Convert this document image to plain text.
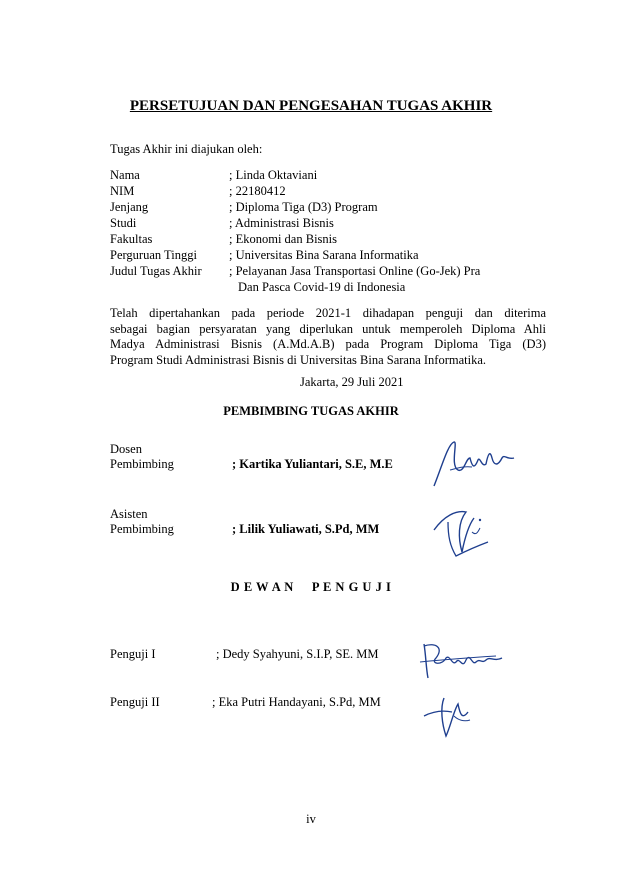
PERSETUJUAN DAN PENGESAHAN TUGAS AKHIR
Tugas Akhir ini diajukan oleh:
Nama	; Linda Oktaviani
NIM	; 22180412
Jenjang	; Diploma Tiga (D3) Program
Studi	; Administrasi Bisnis
Fakultas	; Ekonomi dan Bisnis
Perguruan Tinggi	; Universitas Bina Sarana Informatika
Judul Tugas Akhir ; Pelayanan Jasa Transportasi Online (Go-Jek) Pra
Dan Pasca Covid-19 di Indonesia
Telah dipertahankan pada periode 2021-1 dihadapan penguji dan diterima
sebagai bagian persyaratan yang diperlukan untuk memperoleh Diploma Ahli
Madya Administrasi Bisnis (A.Md.A.B) pada Program Diploma Tiga (D3)
Program Studi Administrasi Bisnis di Universitas Bina Sarana Informatika.
Jakarta, 29 Juli 2021
PEMBIMBING TUGAS AKHIR
Dosen
Pembimbing	; Kartika Yuliantari, S.E, M.E
Asisten
Pembimbing	; Lilik Yuliawati, S.Pd, MM
D E W A N     P E N G U J I
Penguji I	; Dedy Syahyuni, S.I.P, SE. MM
Penguji II	; Eka Putri Handayani, S.Pd, MM
iv
